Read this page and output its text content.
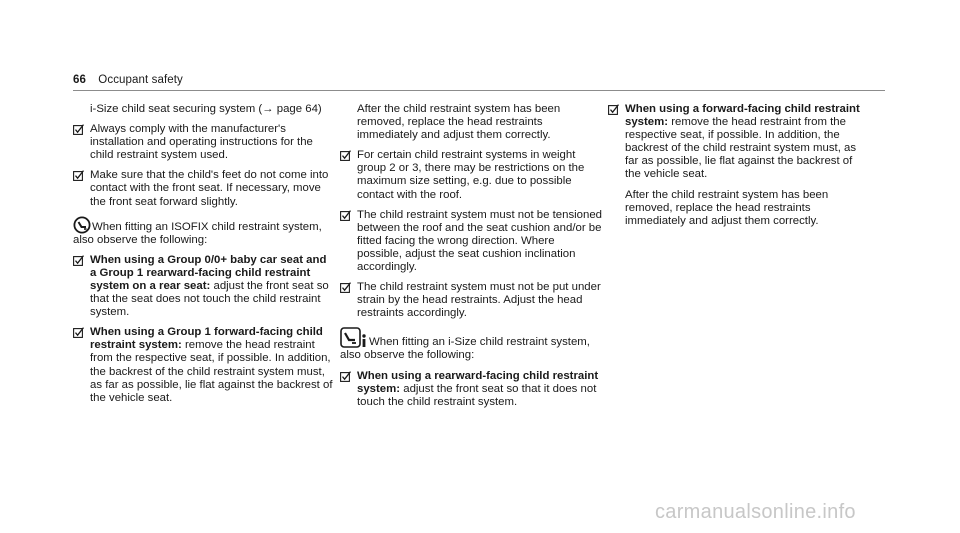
66 Occupant safety
i-Size child seat securing system (→ page 64)
Always comply with the manufacturer's installation and operating instructions for the child restraint system used.
Make sure that the child's feet do not come into contact with the front seat. If necessary, move the front seat forward slightly.
When fitting an ISOFIX child restraint system, also observe the following:
When using a Group 0/0+ baby car seat and a Group 1 rearward-facing child restraint system on a rear seat: adjust the front seat so that the seat does not touch the child restraint system.
When using a Group 1 forward-facing child restraint system: remove the head restraint from the respective seat, if possible. In addition, the backrest of the child restraint system must, as far as possible, lie flat against the backrest of the vehicle seat.
After the child restraint system has been removed, replace the head restraints immediately and adjust them correctly.
For certain child restraint systems in weight group 2 or 3, there may be restrictions on the maximum size setting, e.g. due to possible contact with the roof.
The child restraint system must not be tensioned between the roof and the seat cushion and/or be fitted facing the wrong direction. Where possible, adjust the seat cushion inclination accordingly.
The child restraint system must not be put under strain by the head restraints. Adjust the head restraints accordingly.
When fitting an i-Size child restraint system, also observe the following:
When using a rearward-facing child restraint system: adjust the front seat so that it does not touch the child restraint system.
When using a forward-facing child restraint system: remove the head restraint from the respective seat, if possible. In addition, the backrest of the child restraint system must, as far as possible, lie flat against the backrest of the vehicle seat.
After the child restraint system has been removed, replace the head restraints immediately and adjust them correctly.
carmanualsonline.info
